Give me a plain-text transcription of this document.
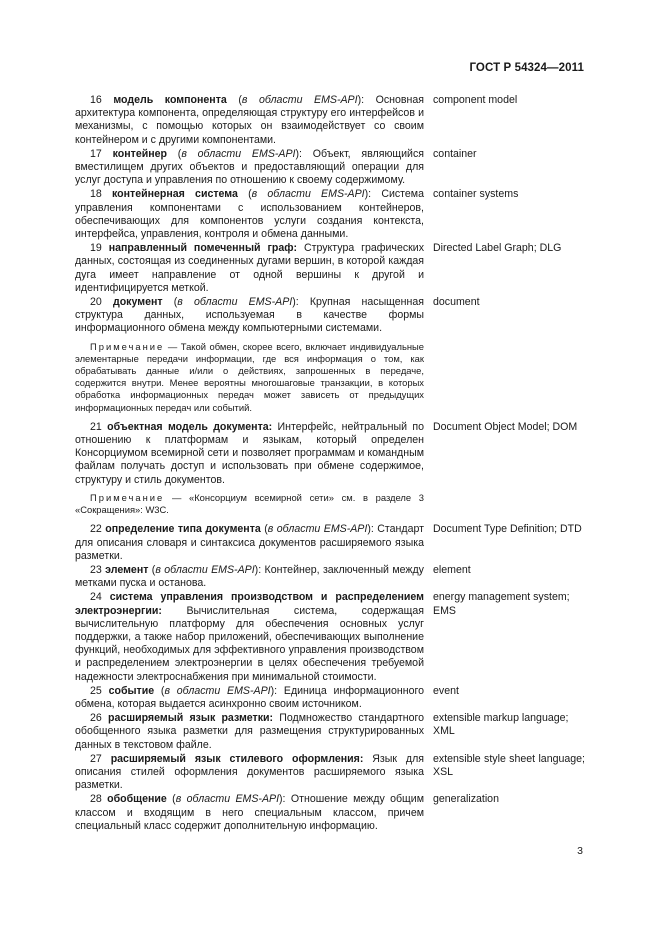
ГОСТ Р 54324—2011
16 модель компонента (в области EMS-API): Основная архитектура компонента, определяющая структуру его интерфейсов и механизмы, с помощью которых он взаимодействует со своим контейнером и с другими компонентами.
component model
17 контейнер (в области EMS-API): Объект, являющийся вместилищем других объектов и предоставляющий операции для услуг доступа и управления по отношению к своему содержимому.
container
18 контейнерная система (в области EMS-API): Система управления компонентами с использованием контейнеров, обеспечивающих для компонентов услуги создания контекста, интерфейса, управления, контроля и обмена данными.
container systems
19 направленный помеченный граф: Структура графических данных, состоящая из соединенных дугами вершин, в которой каждая дуга имеет направление от одной вершины к другой и идентифицируется меткой.
Directed Label Graph; DLG
20 документ (в области EMS-API): Крупная насыщенная структура данных, используемая в качестве формы информационного обмена между компьютерными системами.
document
Примечание — Такой обмен, скорее всего, включает индивидуальные элементарные передачи информации, где вся информация о том, как обрабатывать данные и/или о действиях, запрошенных в передаче, содержится внутри. Менее вероятны многошаговые транзакции, в которых обработка информационных передач может зависеть от предыдущих информационных передач или событий.
21 объектная модель документа: Интерфейс, нейтральный по отношению к платформам и языкам, который определен Консорциумом всемирной сети и позволяет программам и командным файлам получать доступ и использовать при обмене содержимое, структуру и стиль документов.
Document Object Model; DOM
Примечание — «Консорциум всемирной сети» см. в разделе 3 «Сокращения»: W3C.
22 определение типа документа (в области EMS-API): Стандарт для описания словаря и синтаксиса документов расширяемого языка разметки.
Document Type Definition; DTD
23 элемент (в области EMS-API): Контейнер, заключенный между метками пуска и останова.
element
24 система управления производством и распределением электроэнергии: Вычислительная система, содержащая вычислительную платформу для обеспечения основных услуг поддержки, а также набор приложений, обеспечивающих выполнение функций, необходимых для эффективного управления производством и распределением электроэнергии в целях обеспечения требуемой надежности электроснабжения при минимальной стоимости.
energy management system; EMS
25 событие (в области EMS-API): Единица информационного обмена, которая выдается асинхронно своим источником.
event
26 расширяемый язык разметки: Подмножество стандартного обобщенного языка разметки для размещения структурированных данных в текстовом файле.
extensible markup language; XML
27 расширяемый язык стилевого оформления: Язык для описания стилей оформления документов расширяемого языка разметки.
extensible style sheet language; XSL
28 обобщение (в области EMS-API): Отношение между общим классом и входящим в него специальным классом, причем специальный класс содержит дополнительную информацию.
generalization
3
